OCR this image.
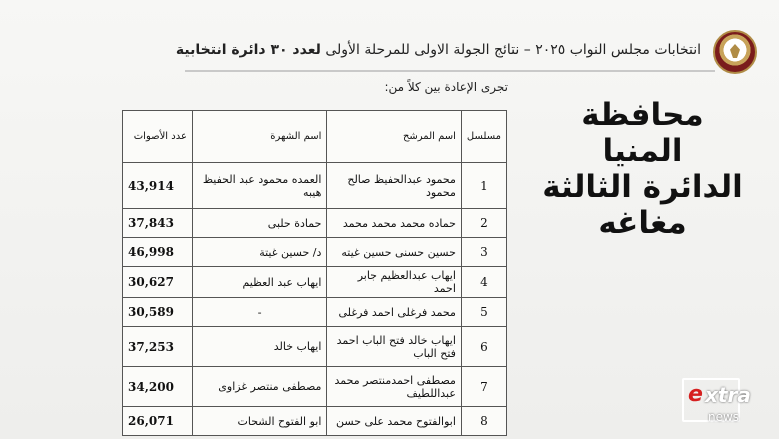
انتخابات مجلس النواب ٢٠٢٥ – نتائج الجولة الاولى للمرحلة الأولى لعدد ٣٠ دائرة انتخابية
تجرى الإعادة بين كلاً من:
مسلسل	اسم المرشح	اسم الشهرة	عدد الأصوات
1	محمود عبدالحفيظ صالح محمود	العمده محمود عبد الحفيظ هيبه	43,914
2	حماده محمد محمد محمد	حمادة حلبى	37,843
3	حسين حسنى حسين غيته	د/ حسين غيتة	46,998
4	ايهاب عبدالعظيم جابر احمد	ايهاب عبد العظيم	30,627
5	محمد فرغلى احمد فرغلى	-	30,589
6	ايهاب خالد فتح الباب احمد فتح الباب	ايهاب خالد	37,253
7	مصطفى احمدمنتصر محمد عبداللطيف	مصطفى منتصر غزاوى	34,200
8	ابوالفتوح محمد على حسن	ابو الفتوح الشحات	26,071
محافظة المنيا
الدائرة الثالثة
مغاغه
e xtra
news
